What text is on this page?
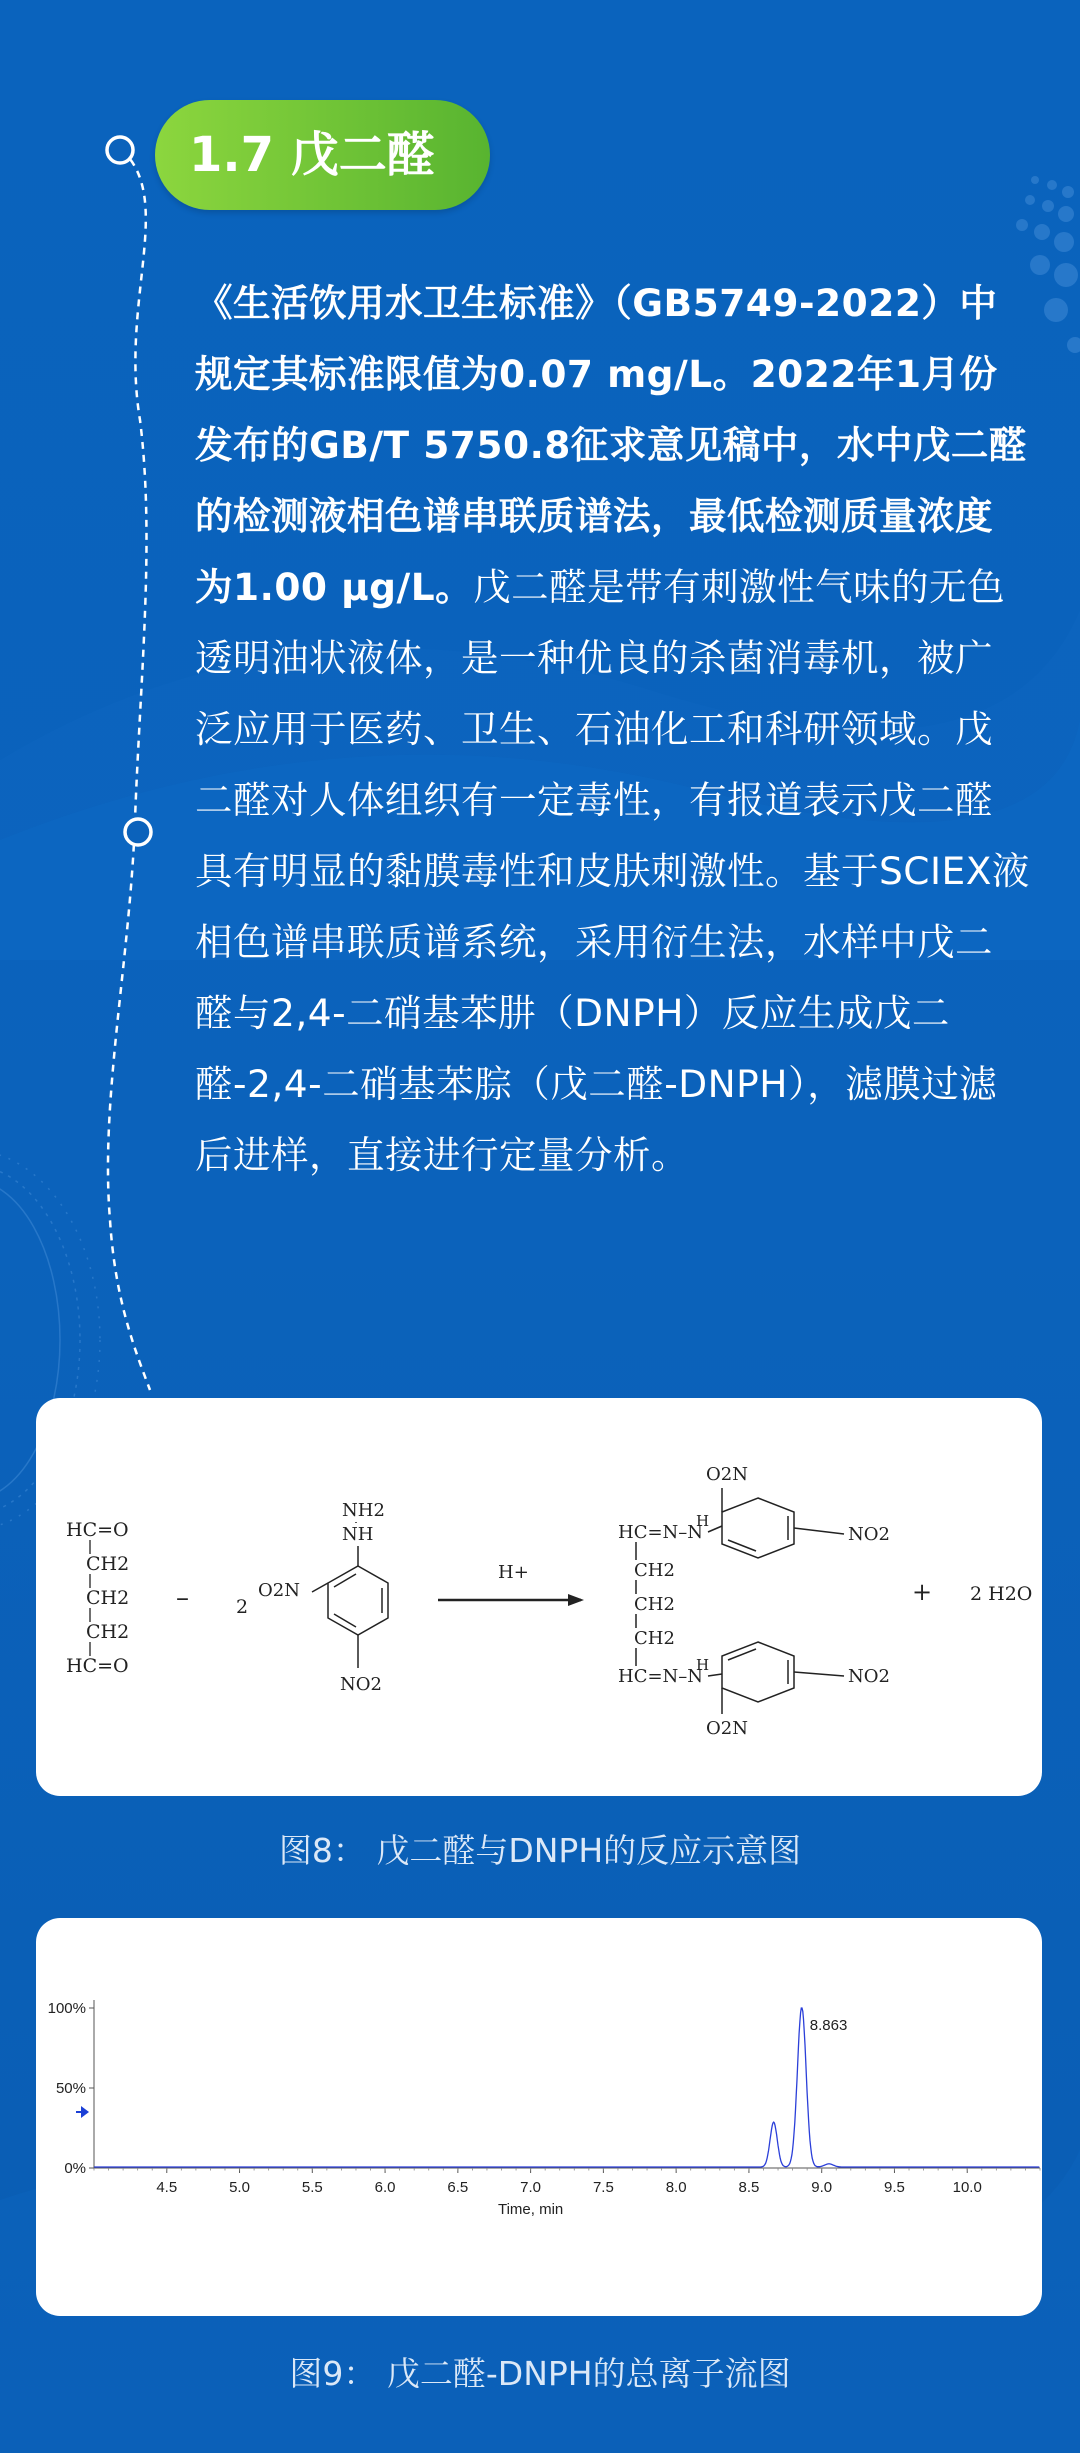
1.7 戊二醛
《生活饮用水卫生标准》（GB5749-2022）中规定其标准限值为0.07 mg/L。2022年1月份发布的GB/T 5750.8征求意见稿中，水中戊二醛的检测液相色谱串联质谱法，最低检测质量浓度为1.00 μg/L。戊二醛是带有刺激性气味的无色透明油状液体，是一种优良的杀菌消毒机，被广泛应用于医药、卫生、石油化工和科研领域。戊二醛对人体组织有一定毒性，有报道表示戊二醛具有明显的黏膜毒性和皮肤刺激性。基于SCIEX液相色谱串联质谱系统，采用衍生法，水样中戊二醛与2,4-二硝基苯肼（DNPH）反应生成戊二醛-2,4-二硝基苯腙（戊二醛-DNPH），滤膜过滤后进样，直接进行定量分析。
HC=O
CH2
CH2
CH2
HC=O
– 2
NH2
NH
O2N
NO2
H+
O2N
HC=N–N
H
NO2
CH2
CH2
CH2
HC=N–N
H
NO2
O2N
+ 2 H2O
图8： 戊二醛与DNPH的反应示意图
4.5	5.0	5.5	6.0	6.5	7.0	7.5	8.0	8.5	9.0	9.5	10.0
100%
50%
0%
8.863
Time, min
图9： 戊二醛-DNPH的总离子流图
